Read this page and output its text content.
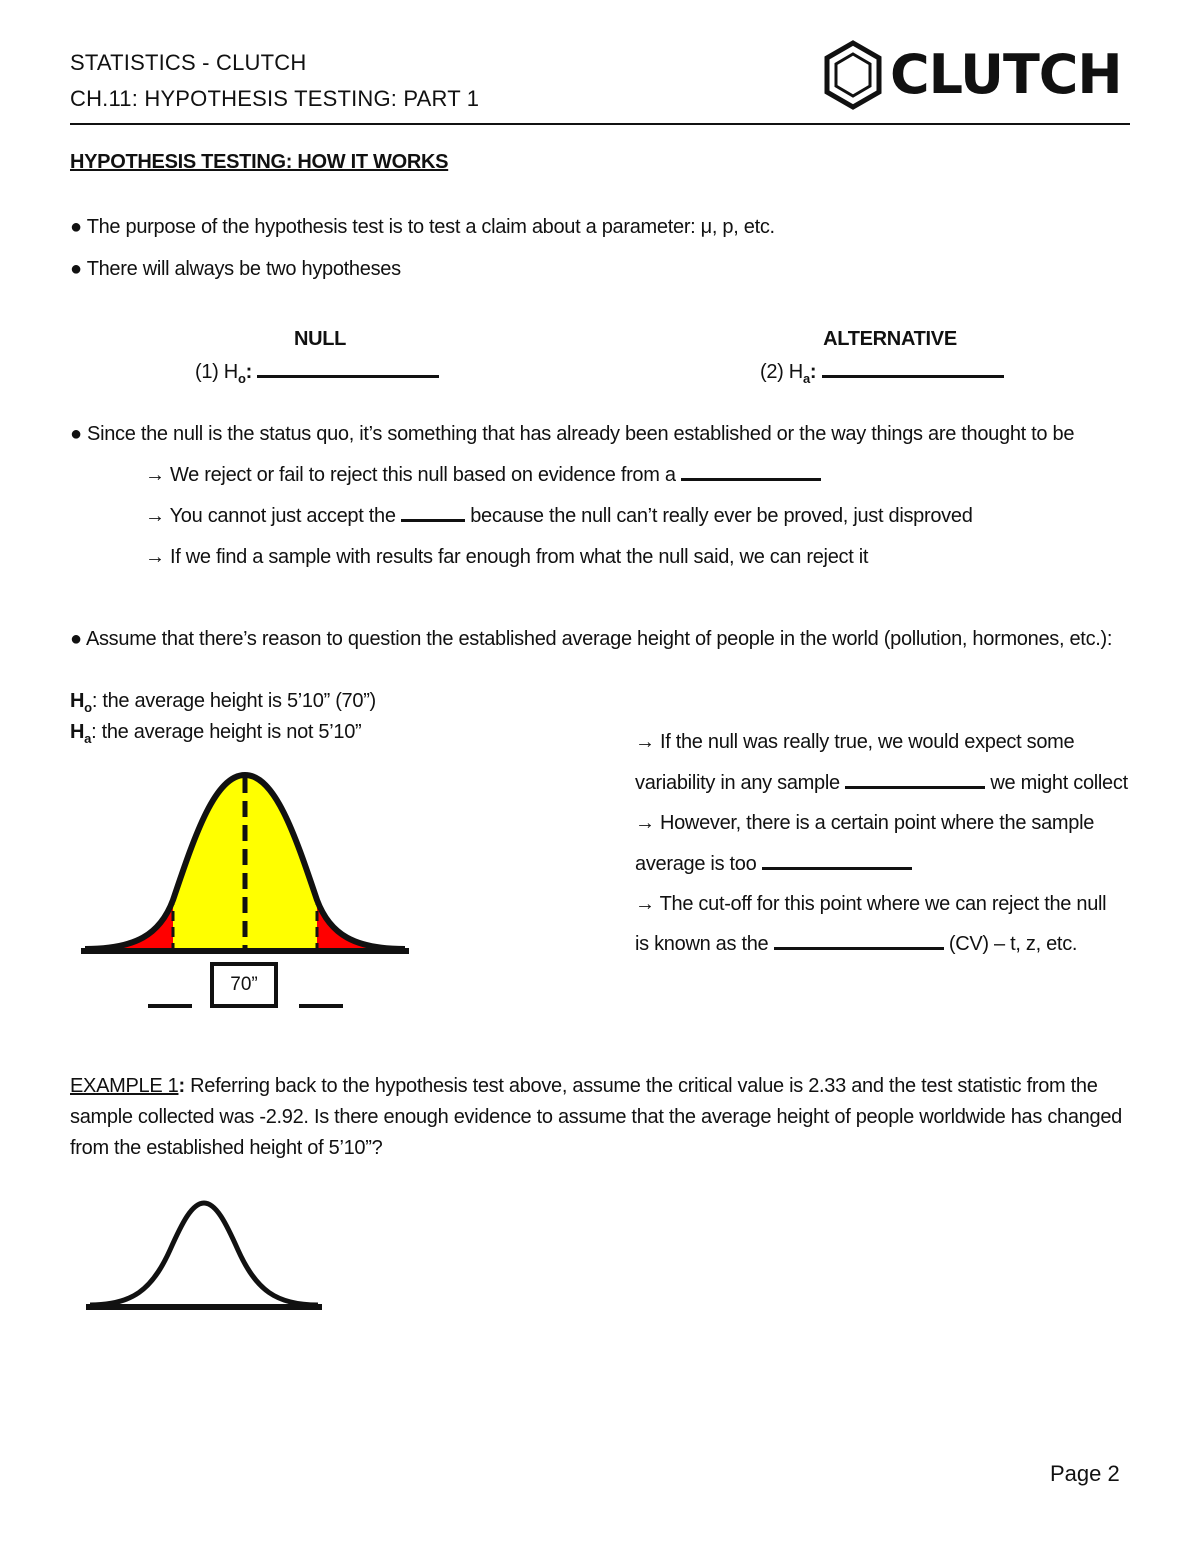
STATISTICS - CLUTCH
CH.11: HYPOTHESIS TESTING: PART 1	CLUTCH
HYPOTHESIS TESTING: HOW IT WORKS
● The purpose of the hypothesis test is to test a claim about a parameter: μ, p, etc.
● There will always be two hypotheses
NULL
(1) $H_o$:
ALTERNATIVE
(2) $H_a$:
● Since the null is the status quo, it’s something that has already been established or the way things are thought to be
→ We reject or fail to reject this null based on evidence from a
→ You cannot just accept the	because the null can’t really ever be proved, just disproved
→ If we find a sample with results far enough from what the null said, we can reject it
● Assume that there’s reason to question the established average height of people in the world (pollution, hormones, etc.):
$H_o$: the average height is 5’10” (70”)
$H_a$: the average height is not 5’10”
70”
→ If the null was really true, we would expect some
variability in any sample	we might collect
→ However, there is a certain point where the sample
average is too
→ The cut-off for this point where we can reject the null
is known as the	(CV) – t, z, etc.
EXAMPLE 1: Referring back to the hypothesis test above, assume the critical value is 2.33 and the test statistic from the sample collected was -2.92. Is there enough evidence to assume that the average height of people worldwide has changed from the established height of 5’10”?
Page 2
